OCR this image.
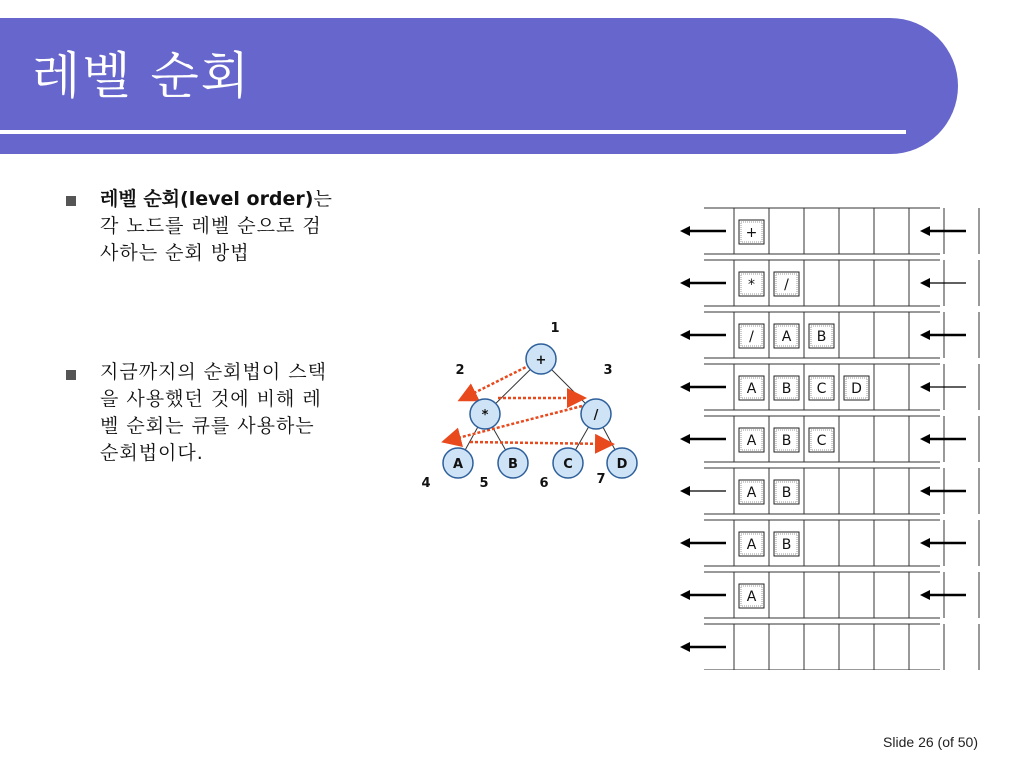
레벨 순회
레벨 순회(level order)는
각 노드를 레벨 순으로 검
사하는 순회 방법
지금까지의 순회법이 스택
을 사용했던 것에 비해 레
벨 순회는 큐를 사용하는
순회법이다.
+
1
*
2
/
3
A
4
B
5
C
6
D
7
+
* /
/ A B
A B C D
A B C
A B
A B
A
Slide 26 (of 50)
